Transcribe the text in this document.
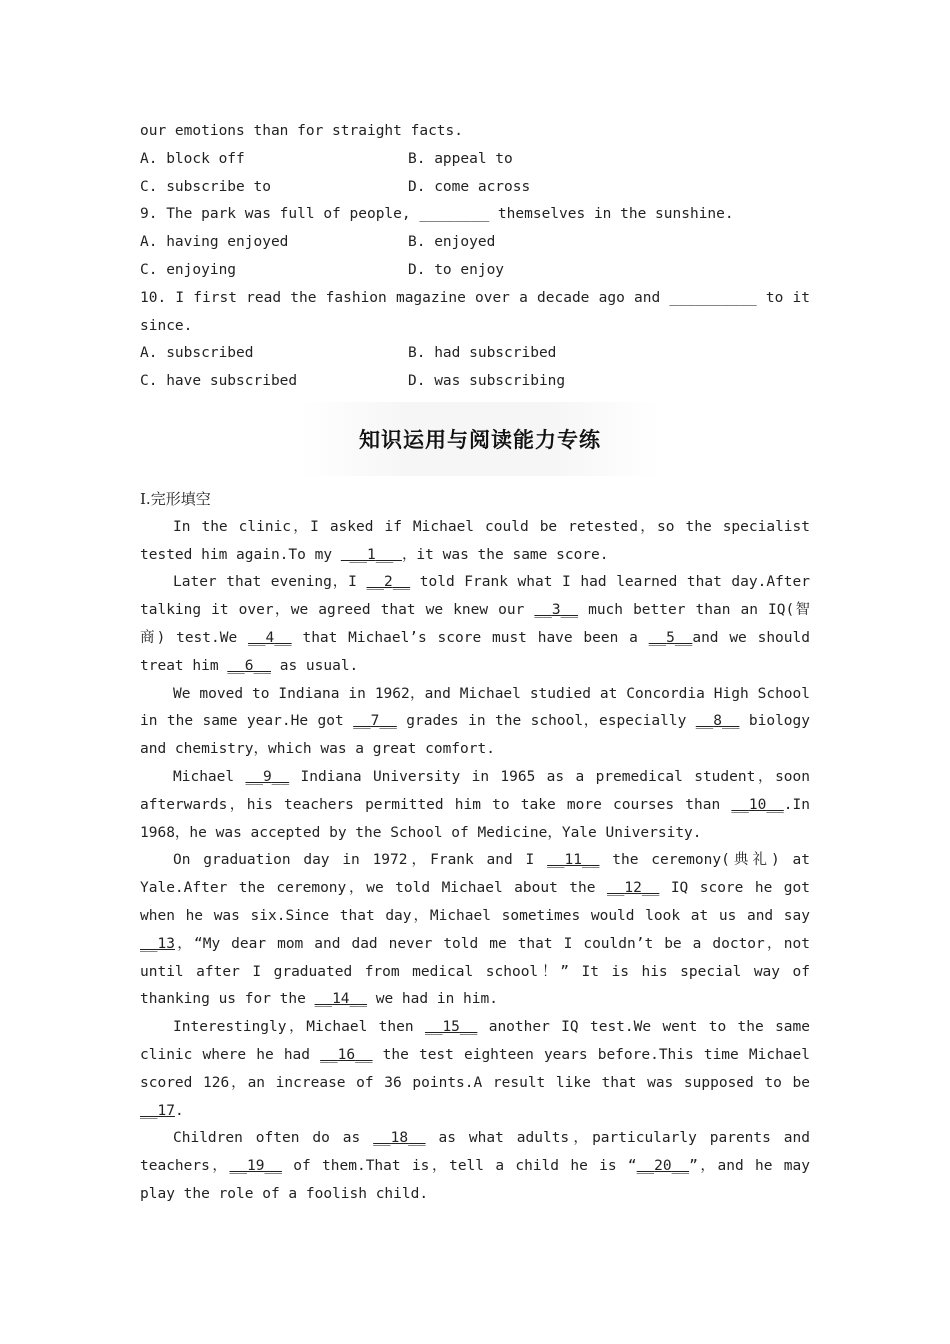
our emotions than for straight facts.
A. block off	B. appeal to
C. subscribe to	D. come across
9. The park was full of people, ________ themselves in the sunshine.
A. having enjoyed	B. enjoyed
C. enjoying	D. to enjoy
10. I first read the fashion magazine over a decade ago and __________ to it since.
A. subscribed	B. had subscribed
C. have subscribed	D. was subscribing
知识运用与阅读能力专练
Ⅰ.完形填空
In the clinic，I asked if Michael could be retested，so the specialist tested him again.To my  __1__ ，it was the same score.
Later that evening，I __2__ told Frank what I had learned that day.After talking it over，we agreed that we knew our __3__ much better than an IQ(智商) test.We __4__ that Michael’s score must have been a __5__and we should treat him __6__ as usual.
We moved to Indiana in 1962，and Michael studied at Concordia High School in the same year.He got __7__ grades in the school，especially __8__ biology and chemistry，which was a great comfort.
Michael __9__ Indiana University in 1965 as a premedical student，soon afterwards，his teachers permitted him to take more courses than __10__.In 1968，he was accepted by the School of Medicine，Yale University.
On graduation day in 1972，Frank and I __11__ the ceremony(典礼) at Yale.After the ceremony，we told Michael about the __12__ IQ score he got when he was six.Since that day，Michael sometimes would look at us and say __13，“My dear mom and dad never told me that I couldn’t be a doctor，not until after I graduated from medical school！” It is his special way of thanking us for the __14__ we had in him.
Interestingly，Michael then __15__ another IQ test.We went to the same clinic where he had __16__ the test eighteen years before.This time Michael scored 126，an increase of 36 points.A result like that was supposed to be __17.
Children often do as __18__ as what adults，particularly parents and teachers，__19__ of them.That is，tell a child he is “__20__”，and he may play the role of a foolish child.
